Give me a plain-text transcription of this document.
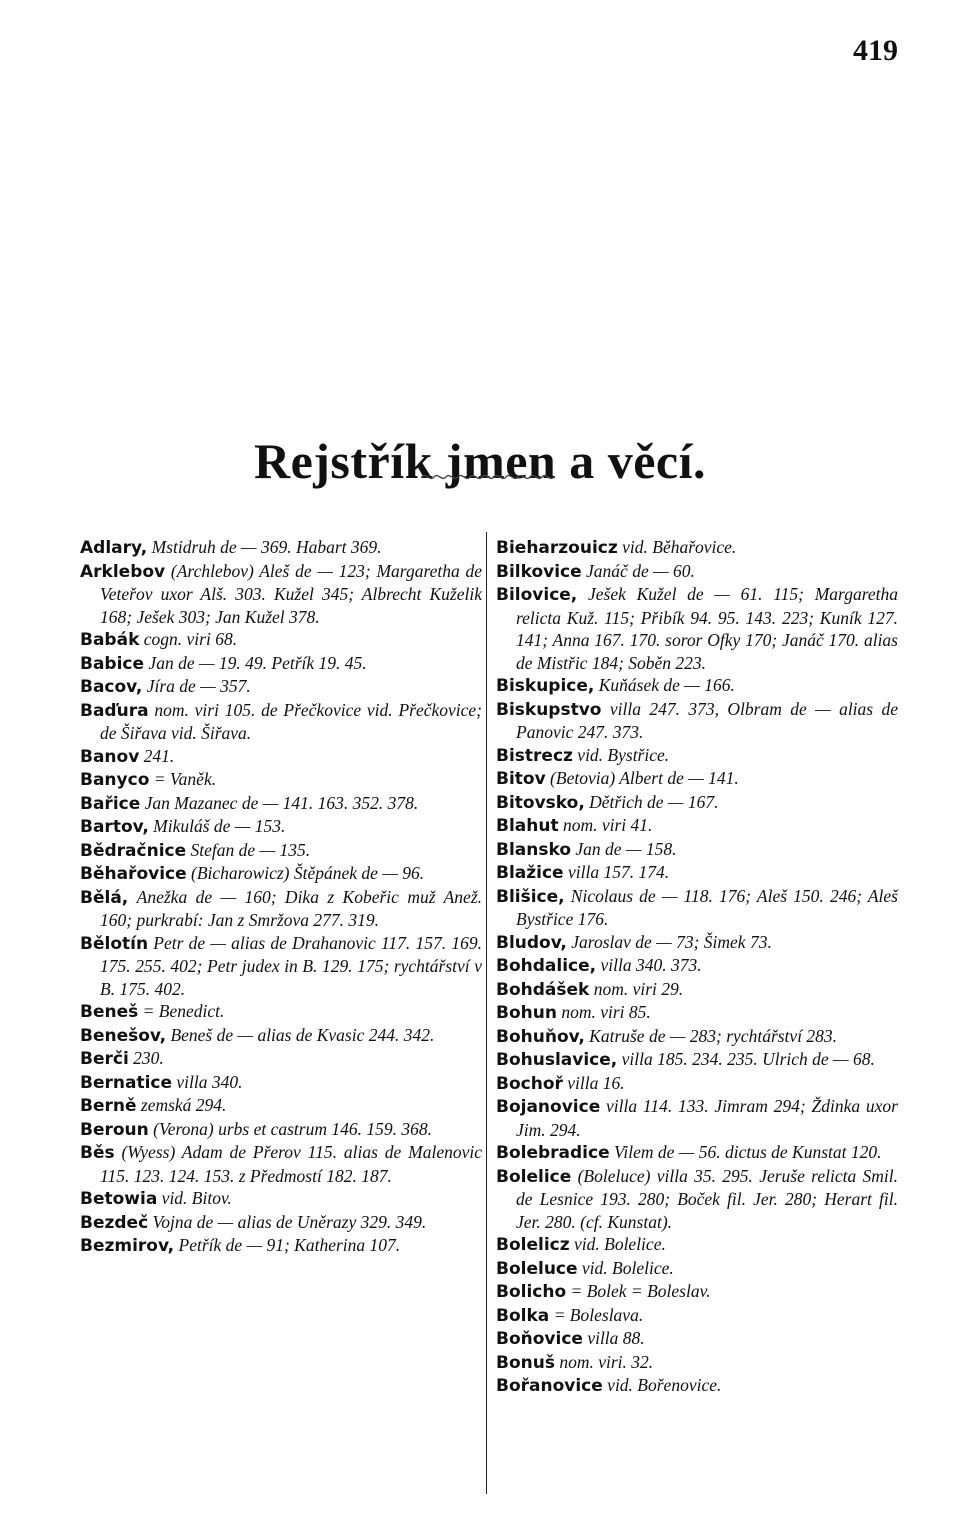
419
Rejstřík jmen a věcí.

Adlary, Mstidruh de — 369. Habart 369.

Arklebov (Archlebov) Aleš de — 123; Margaretha de Veteřov uxor Alš. 303. Kužel 345; Albrecht Kuželik 168; Ješek 303; Jan Kužel 378.

Babák cogn. viri 68.

Babice Jan de — 19. 49. Petřík 19. 45.

Bacov, Jíra de — 357.

Baďura nom. viri 105. de Přečkovice vid. Přečkovice; de Šiřava vid. Šiřava.

Banov 241.

Banyco = Vaněk.

Bařice Jan Mazanec de — 141. 163. 352. 378.

Bartov, Mikuláš de — 153.

Bědračnice Stefan de — 135.

Běhařovice (Bicharowicz) Štěpánek de — 96.

Bělá, Anežka de — 160; Dika z Kobeřic muž Anež. 160; purkrabí: Jan z Smržova 277. 319.

Bělotín Petr de — alias de Drahanovic 117. 157. 169. 175. 255. 402; Petr judex in B. 129. 175; rychtářství v B. 175. 402.

Beneš = Benedict.

Benešov, Beneš de — alias de Kvasic 244. 342.

Berči 230.

Bernatice villa 340.

Berně zemská 294.

Beroun (Verona) urbs et castrum 146. 159. 368.

Běs (Wyess) Adam de Přerov 115. alias de Malenovic 115. 123. 124. 153. z Předmostí 182. 187.

Betowia vid. Bitov.

Bezdeč Vojna de — alias de Uněrazy 329. 349.

Bezmirov, Petřík de — 91; Katherina 107.

Bieharzouicz vid. Běhařovice.

Bilkovice Janáč de — 60.

Bilovice, Ješek Kužel de — 61. 115; Margaretha relicta Kuž. 115; Přibík 94. 95. 143. 223; Kuník 127. 141; Anna 167. 170. soror Ofky 170; Janáč 170. alias de Mistřic 184; Soběn 223.

Biskupice, Kuňásek de — 166.

Biskupstvo villa 247. 373, Olbram de — alias de Panovic 247. 373.

Bistrecz vid. Bystřice.

Bitov (Betovia) Albert de — 141.

Bitovsko, Dětřich de — 167.

Blahut nom. viri 41.

Blansko Jan de — 158.

Blažice villa 157. 174.

Blišice, Nicolaus de — 118. 176; Aleš 150. 246; Aleš Bystřice 176.

Bludov, Jaroslav de — 73; Šimek 73.

Bohdalice, villa 340. 373.

Bohdášek nom. viri 29.

Bohun nom. viri 85.

Bohuňov, Katruše de — 283; rychtářství 283.

Bohuslavice, villa 185. 234. 235. Ulrich de — 68.

Bochoř villa 16.

Bojanovice villa 114. 133. Jimram 294; Ždinka uxor Jim. 294.

Bolebradice Vilem de — 56. dictus de Kunstat 120.

Bolelice (Boleluce) villa 35. 295. Jeruše relicta Smil. de Lesnice 193. 280; Boček fil. Jer. 280; Herart fil. Jer. 280. (cf. Kunstat).

Bolelicz vid. Bolelice.

Boleluce vid. Bolelice.

Bolicho = Bolek = Boleslav.

Bolka = Boleslava.

Boňovice villa 88.

Bonuš nom. viri. 32.

Bořanovice vid. Bořenovice.
